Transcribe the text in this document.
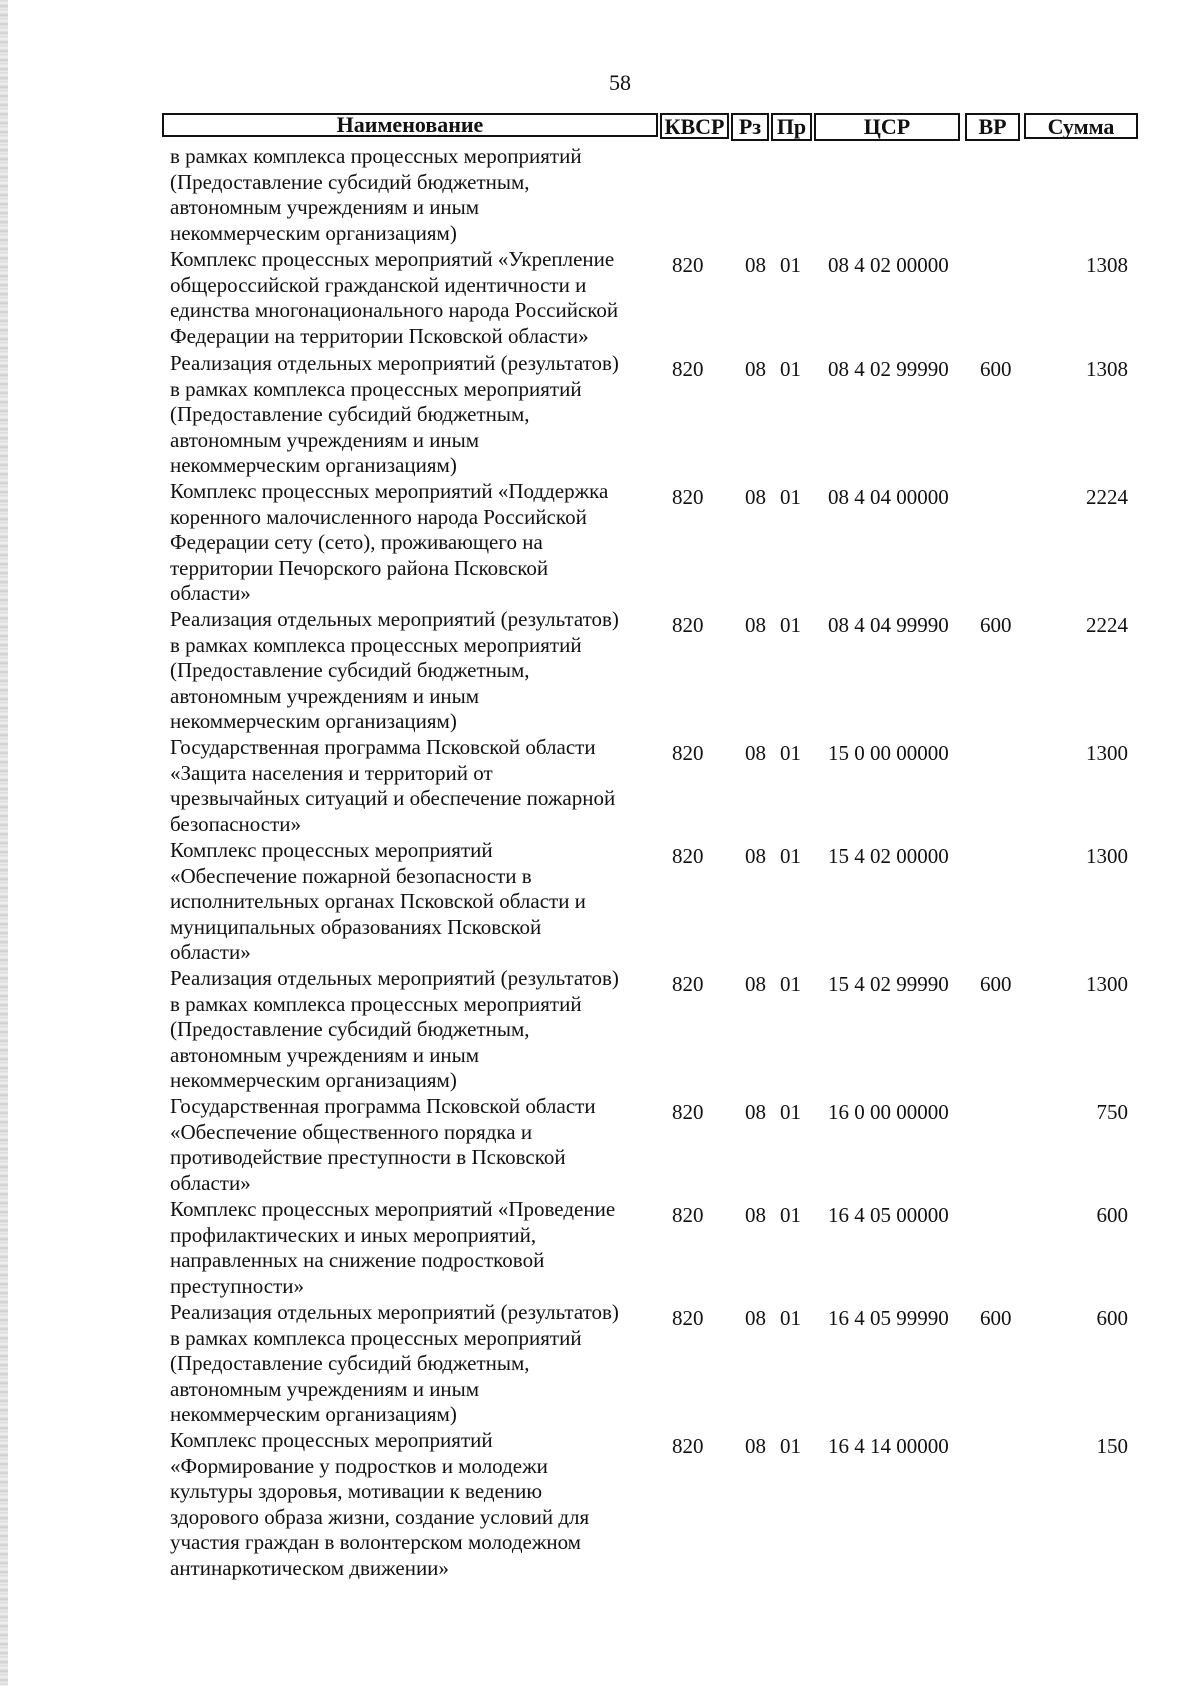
58
Наименование	КВСР Рз Пр	ЦСР	ВР	Сумма
в рамках комплекса процессных мероприятий
(Предоставление субсидий бюджетным,
автономным учреждениям и иным
некоммерческим организациям)
Комплекс процессных мероприятий «Укрепление
общероссийской гражданской идентичности и
единства многонационального народа Российской
Федерации на территории Псковской области»
820 08 01 08 4 02 00000	1308
Реализация отдельных мероприятий (результатов)
в рамках комплекса процессных мероприятий
(Предоставление субсидий бюджетным,
автономным учреждениям и иным
некоммерческим организациям)
820 08 01 08 4 02 99990 600	1308
Комплекс процессных мероприятий «Поддержка
коренного малочисленного народа Российской
Федерации сету (сето), проживающего на
территории Печорского района Псковской
области»
820 08 01 08 4 04 00000	2224
Реализация отдельных мероприятий (результатов)
в рамках комплекса процессных мероприятий
(Предоставление субсидий бюджетным,
автономным учреждениям и иным
некоммерческим организациям)
820 08 01 08 4 04 99990 600	2224
Государственная программа Псковской области
«Защита населения и территорий от
чрезвычайных ситуаций и обеспечение пожарной
безопасности»
820 08 01 15 0 00 00000	1300
Комплекс процессных мероприятий
«Обеспечение пожарной безопасности в
исполнительных органах Псковской области и
муниципальных образованиях Псковской
области»
820 08 01 15 4 02 00000	1300
Реализация отдельных мероприятий (результатов)
в рамках комплекса процессных мероприятий
(Предоставление субсидий бюджетным,
автономным учреждениям и иным
некоммерческим организациям)
820 08 01 15 4 02 99990 600	1300
Государственная программа Псковской области
«Обеспечение общественного порядка и
противодействие преступности в Псковской
области»
820 08 01 16 0 00 00000	750
Комплекс процессных мероприятий «Проведение
профилактических и иных мероприятий,
направленных на снижение подростковой
преступности»
820 08 01 16 4 05 00000	600
Реализация отдельных мероприятий (результатов)
в рамках комплекса процессных мероприятий
(Предоставление субсидий бюджетным,
автономным учреждениям и иным
некоммерческим организациям)
820 08 01 16 4 05 99990 600	600
Комплекс процессных мероприятий
«Формирование у подростков и молодежи
культуры здоровья, мотивации к ведению
здорового образа жизни, создание условий для
участия граждан в волонтерском молодежном
антинаркотическом движении»
820 08 01 16 4 14 00000	150
